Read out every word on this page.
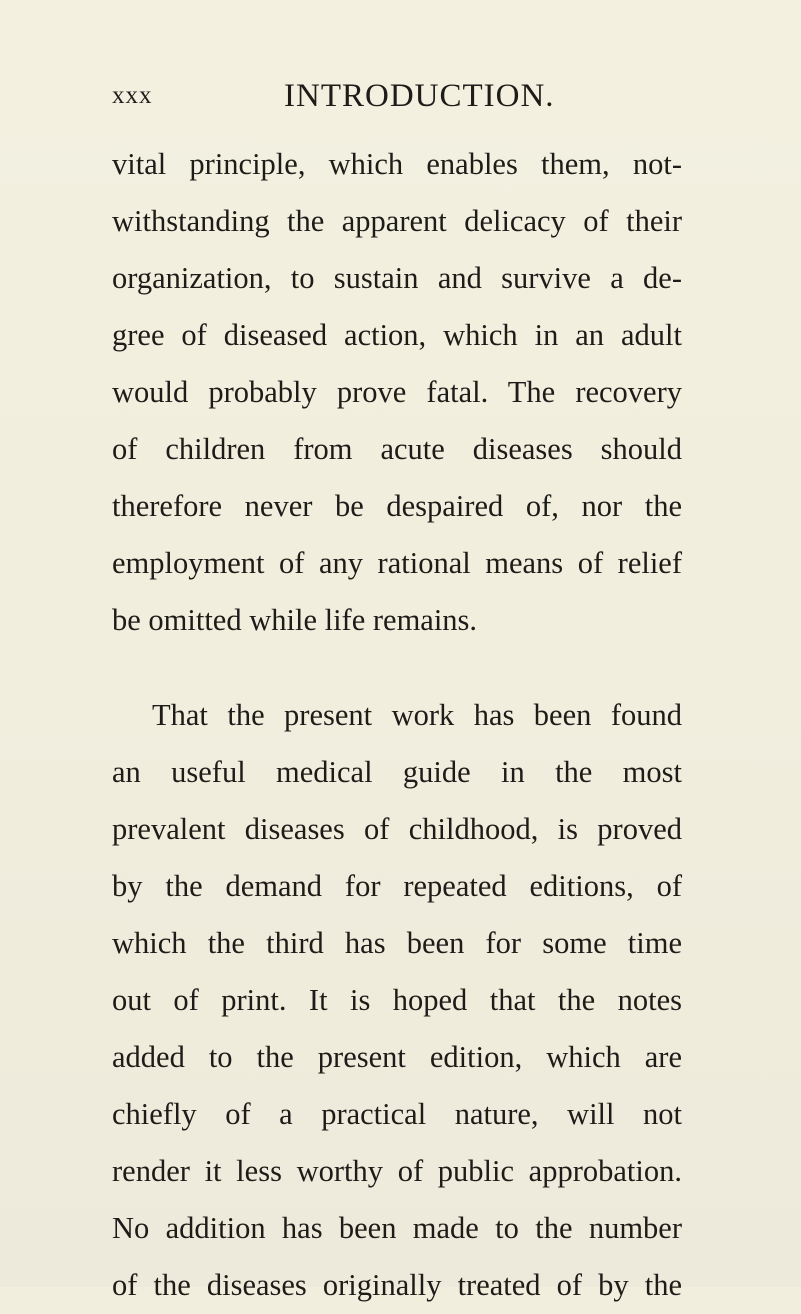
xxx	INTRODUCTION.
vital principle, which enables them, not-
withstanding the apparent delicacy of their
organization, to sustain and survive a de-
gree of diseased action, which in an adult
would probably prove fatal. The recovery
of children from acute diseases should
therefore never be despaired of, nor the
employment of any rational means of relief
be omitted while life remains.
That the present work has been found
an useful medical guide in the most
prevalent diseases of childhood, is proved
by the demand for repeated editions, of
which the third has been for some time
out of print. It is hoped that the notes
added to the present edition, which are
chiefly of a practical nature, will not
render it less worthy of public approbation.
No addition has been made to the number
of the diseases originally treated of by the
